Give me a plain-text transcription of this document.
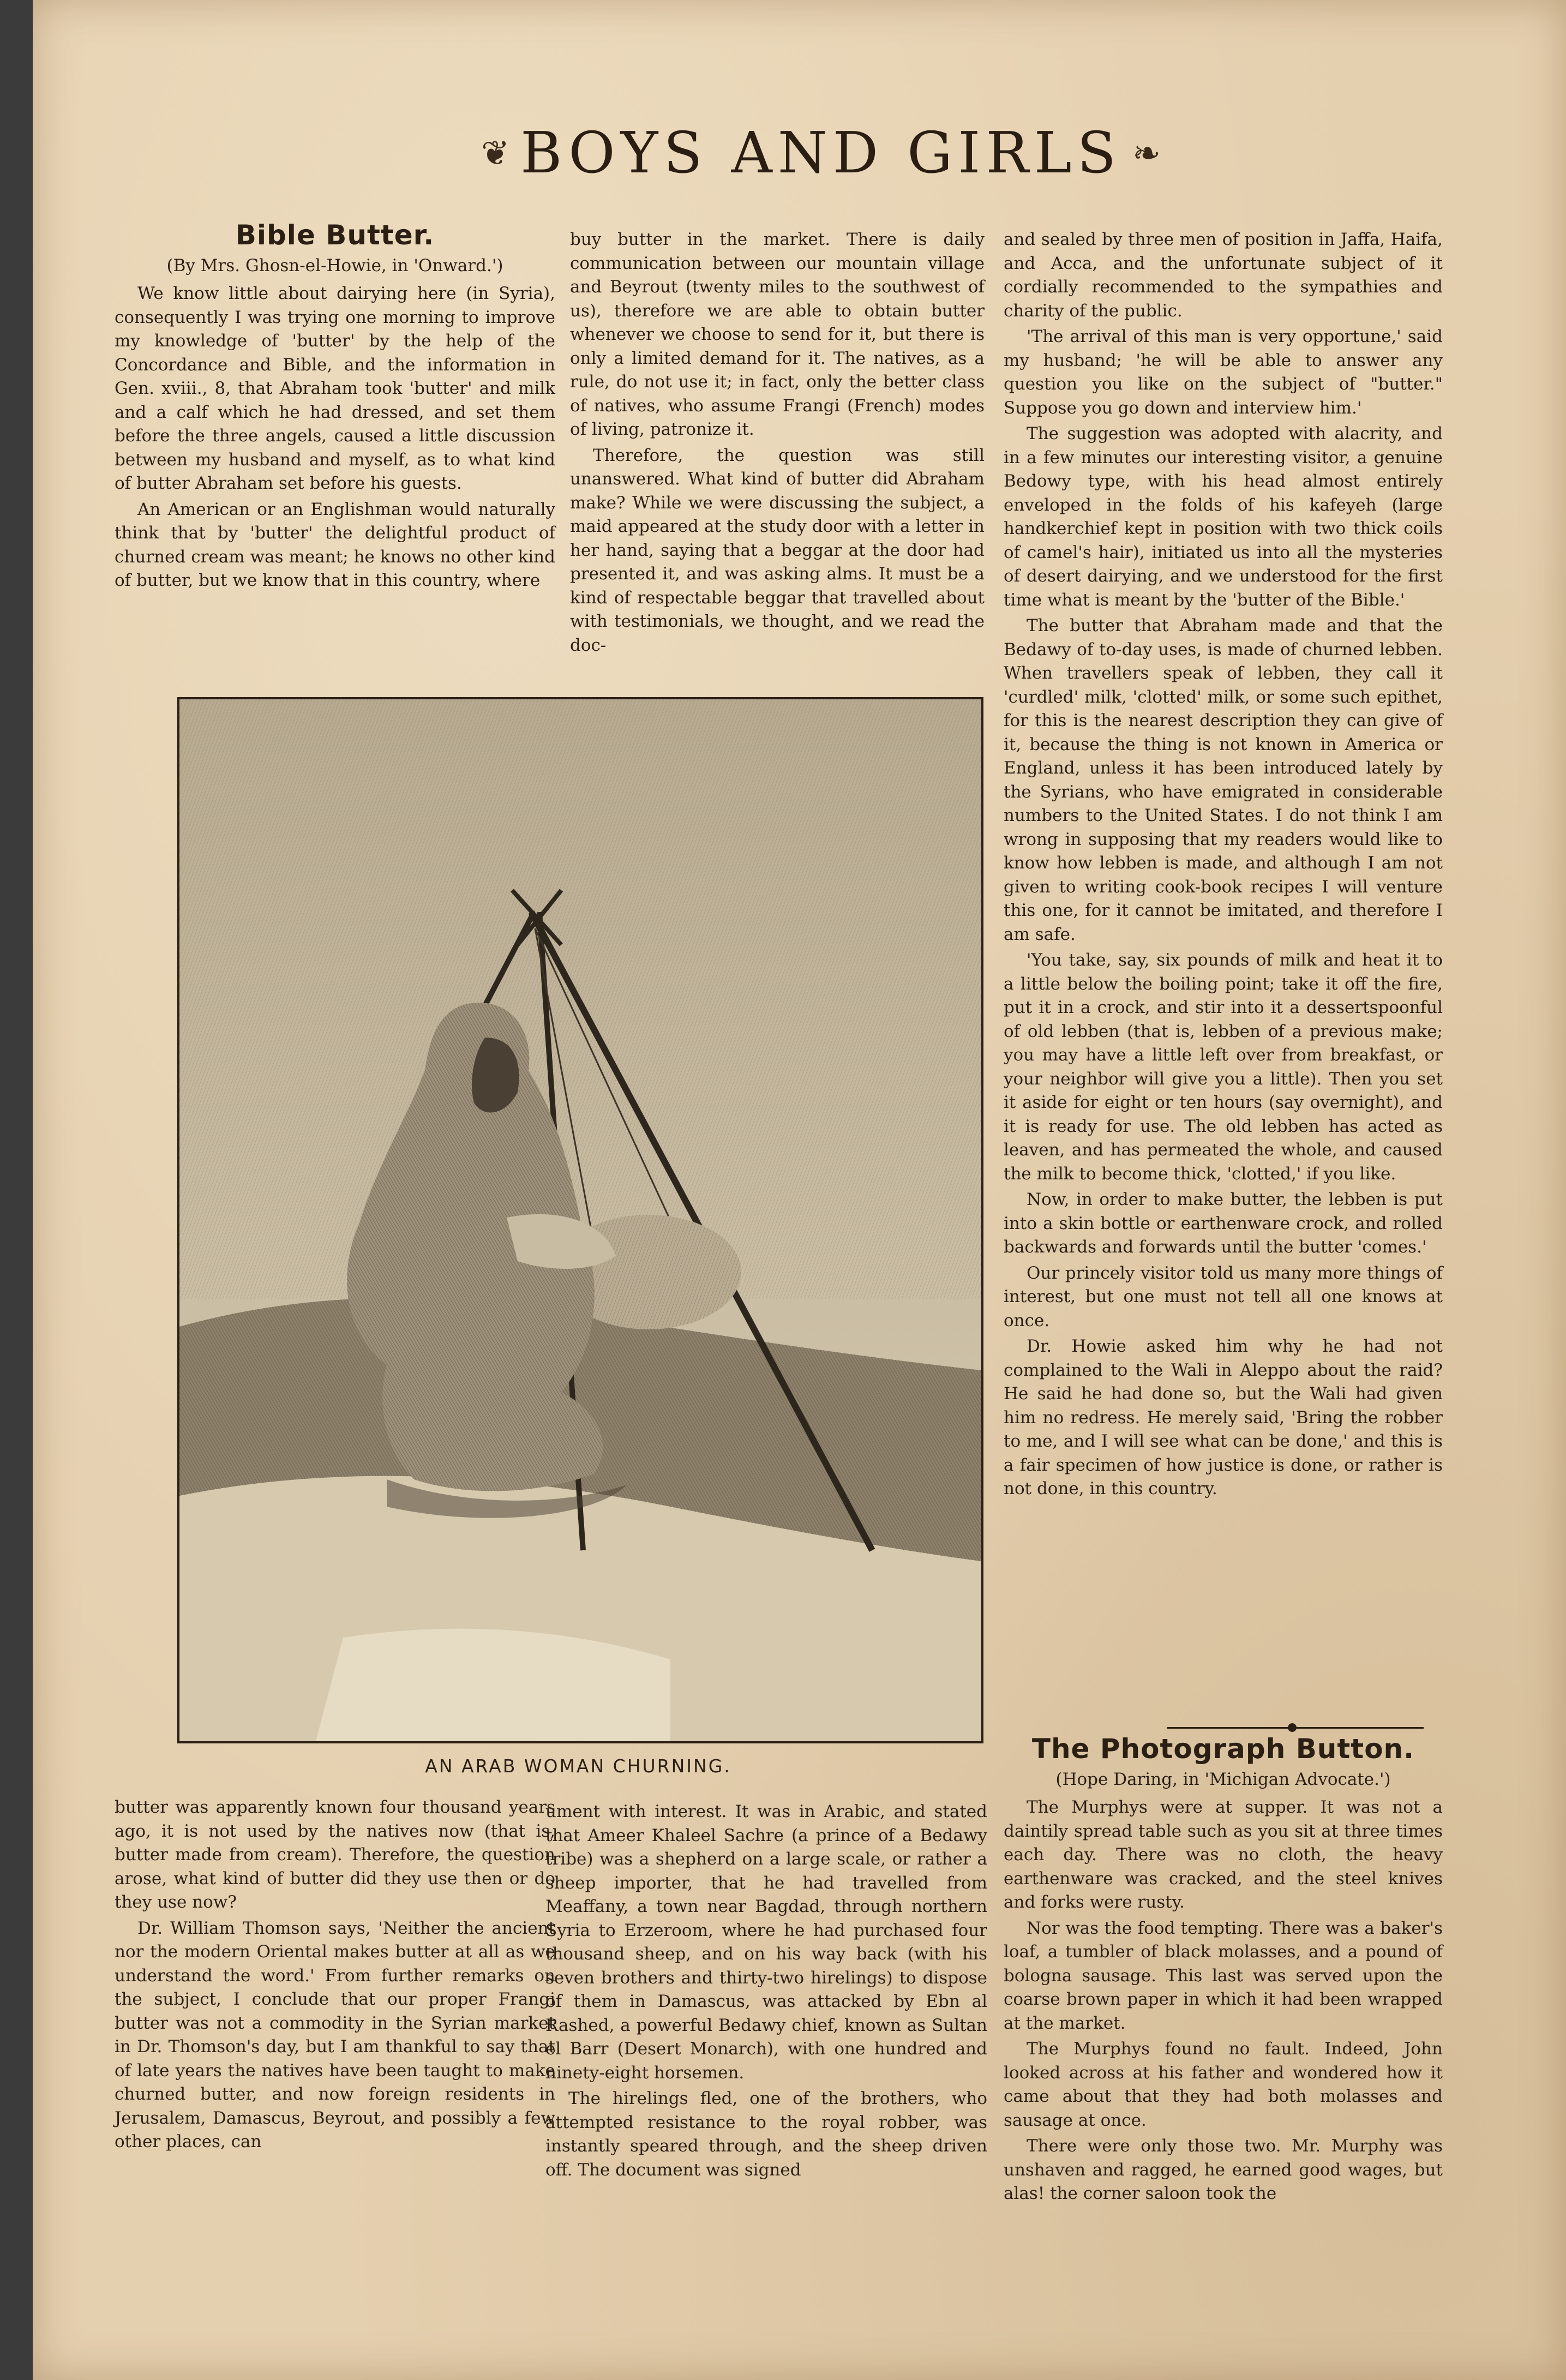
❦ BOYS AND GIRLS ❧
Bible Butter.
(By Mrs. Ghosn-el-Howie, in 'Onward.')

We know little about dairying here (in Syria), consequently I was trying one morning to improve my knowledge of 'butter' by the help of the Concordance and Bible, and the information in Gen. xviii., 8, that Abraham took 'butter' and milk and a calf which he had dressed, and set them before the three angels, caused a little discussion between my husband and myself, as to what kind of butter Abraham set before his guests.

An American or an Englishman would naturally think that by 'butter' the delightful product of churned cream was meant; he knows no other kind of butter, but we know that in this country, where

buy butter in the market. There is daily communication between our mountain village and Beyrout (twenty miles to the southwest of us), therefore we are able to obtain butter whenever we choose to send for it, but there is only a limited demand for it. The natives, as a rule, do not use it; in fact, only the better class of natives, who assume Frangi (French) modes of living, patronize it.

Therefore, the question was still unanswered. What kind of butter did Abraham make? While we were discussing the subject, a maid appeared at the study door with a letter in her hand, saying that a beggar at the door had presented it, and was asking alms. It must be a kind of respectable beggar that travelled about with testimonials, we thought, and we read the doc-

and sealed by three men of position in Jaffa, Haifa, and Acca, and the unfortunate subject of it cordially recommended to the sympathies and charity of the public.

'The arrival of this man is very opportune,' said my husband; 'he will be able to answer any question you like on the subject of "butter." Suppose you go down and interview him.'

The suggestion was adopted with alacrity, and in a few minutes our interesting visitor, a genuine Bedowy type, with his head almost entirely enveloped in the folds of his kafeyeh (large handkerchief kept in position with two thick coils of camel's hair), initiated us into all the mysteries of desert dairying, and we understood for the first time what is meant by the 'butter of the Bible.'

The butter that Abraham made and that the Bedawy of to-day uses, is made of churned lebben. When travellers speak of lebben, they call it 'curdled' milk, 'clotted' milk, or some such epithet, for this is the nearest description they can give of it, because the thing is not known in America or England, unless it has been introduced lately by the Syrians, who have emigrated in considerable numbers to the United States. I do not think I am wrong in supposing that my readers would like to know how lebben is made, and although I am not given to writing cook-book recipes I will venture this one, for it cannot be imitated, and therefore I am safe.

'You take, say, six pounds of milk and heat it to a little below the boiling point; take it off the fire, put it in a crock, and stir into it a dessertspoonful of old lebben (that is, lebben of a previous make; you may have a little left over from breakfast, or your neighbor will give you a little). Then you set it aside for eight or ten hours (say overnight), and it is ready for use. The old lebben has acted as leaven, and has permeated the whole, and caused the milk to become thick, 'clotted,' if you like.

Now, in order to make butter, the lebben is put into a skin bottle or earthenware crock, and rolled backwards and forwards until the butter 'comes.'

Our princely visitor told us many more things of interest, but one must not tell all one knows at once.

Dr. Howie asked him why he had not complained to the Wali in Aleppo about the raid? He said he had done so, but the Wali had given him no redress. He merely said, 'Bring the robber to me, and I will see what can be done,' and this is a fair specimen of how justice is done, or rather is not done, in this country.

AN ARAB WOMAN CHURNING.

butter was apparently known four thousand years ago, it is not used by the natives now (that is, butter made from cream). Therefore, the question arose, what kind of butter did they use then or do they use now?

Dr. William Thomson says, 'Neither the ancient nor the modern Oriental makes butter at all as we understand the word.' From further remarks on the subject, I conclude that our proper Frangi butter was not a commodity in the Syrian market in Dr. Thomson's day, but I am thankful to say that of late years the natives have been taught to make churned butter, and now foreign residents in Jerusalem, Damascus, Beyrout, and possibly a few other places, can

ument with interest. It was in Arabic, and stated that Ameer Khaleel Sachre (a prince of a Bedawy tribe) was a shepherd on a large scale, or rather a sheep importer, that he had travelled from Meaffany, a town near Bagdad, through northern Syria to Erzeroom, where he had purchased four thousand sheep, and on his way back (with his seven brothers and thirty-two hirelings) to dispose of them in Damascus, was attacked by Ebn al Rashed, a powerful Bedawy chief, known as Sultan el Barr (Desert Monarch), with one hundred and ninety-eight horsemen.

The hirelings fled, one of the brothers, who attempted resistance to the royal robber, was instantly speared through, and the sheep driven off. The document was signed

The Photograph Button.
(Hope Daring, in 'Michigan Advocate.')

The Murphys were at supper. It was not a daintily spread table such as you sit at three times each day. There was no cloth, the heavy earthenware was cracked, and the steel knives and forks were rusty.

Nor was the food tempting. There was a baker's loaf, a tumbler of black molasses, and a pound of bologna sausage. This last was served upon the coarse brown paper in which it had been wrapped at the market.

The Murphys found no fault. Indeed, John looked across at his father and wondered how it came about that they had both molasses and sausage at once.

There were only those two. Mr. Murphy was unshaven and ragged, he earned good wages, but alas! the corner saloon took the
